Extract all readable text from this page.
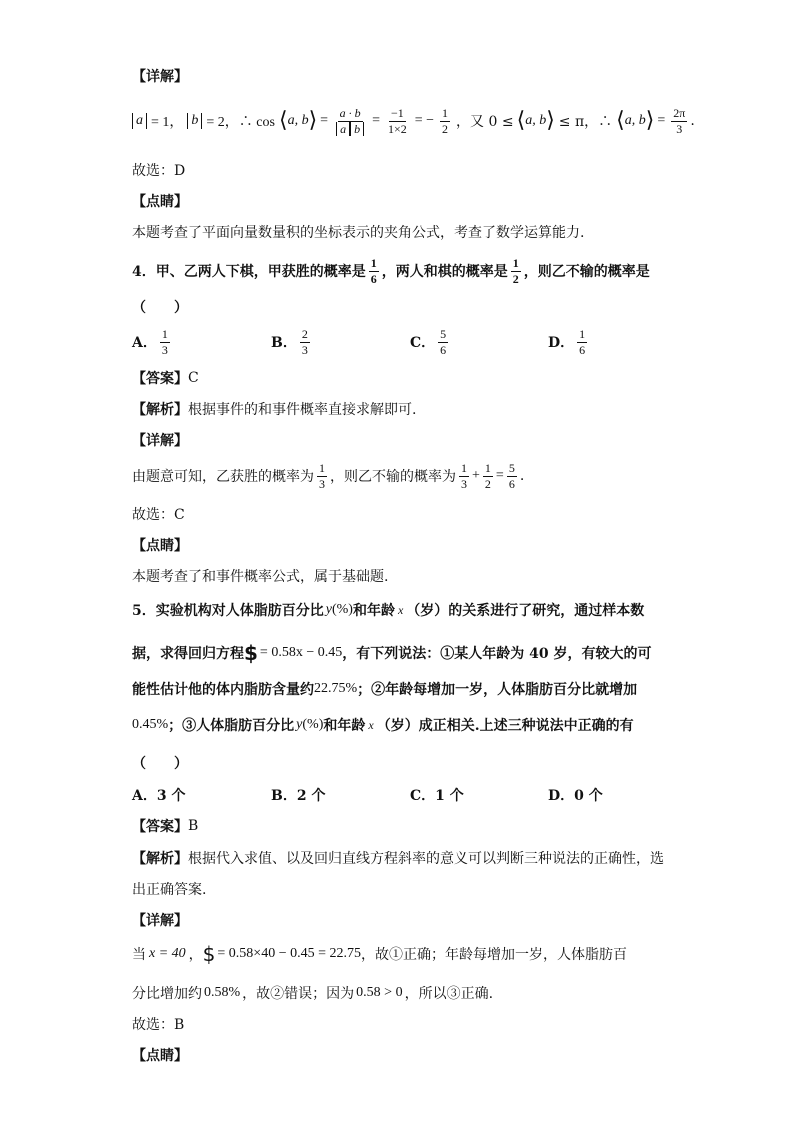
【详解】
a = 1， b = 2，∴ cos ⟨ a, b ⟩ = $\frac{a \cdot b}{\text{a b}} = \frac{-1}{1\times 2}$ = − $\frac{1}{2}$ ，又 0 ≤ ⟨ a, b ⟩ ≤ π，∴ ⟨ a, b ⟩ = $\frac{2\pi}{3}$ .
故选：D
【点睛】
本题考查了平面向量数量积的坐标表示的夹角公式，考查了数学运算能力.
4．甲、乙两人下棋，甲获胜的概率是 $\frac{1}{6}$ ，两人和棋的概率是 $\frac{1}{2}$ ，则乙不输的概率是
（　　）
A． $\frac{1}{3}$	B． $\frac{2}{3}$	C． $\frac{5}{6}$	D． $\frac{1}{6}$
【答案】 C
【解析】 根据事件的和事件概率直接求解即可.
【详解】
由题意可知，乙获胜的概率为 $\frac{1}{3}$ ，则乙不输的概率为 $\frac{1}{3} + \frac{1}{2} = \frac{5}{6}$ .
故选：C
【点睛】
本题考查了和事件概率公式，属于基础题.
5．实验机构对人体脂肪百分比 y (%) 和年龄 x （岁）的关系进行了研究，通过样本数
据，求得回归方程 $ = 0.58x − 0.45 ，有下列说法：①某人年龄为 40 岁，有较大的可
能性估计他的体内脂肪含量约 22.75% ；②年龄每增加一岁，人体脂肪百分比就增加
0.45% ；③人体脂肪百分比 y (%) 和年龄 x （岁）成正相关.上述三种说法中正确的有
（　　）
A．3 个	B．2 个	C．1 个	D．0 个
【答案】 B
【解析】 根据代入求值、以及回归直线方程斜率的意义可以判断三种说法的正确性，选
出正确答案.
【详解】
当 x = 40 ， $ = 0.58×40 − 0.45 = 22.75 ，故①正确；年龄每增加一岁，人体脂肪百
分比增加约 0.58% ，故②错误；因为 0.58 > 0 ，所以③正确.
故选：B
【点睛】
